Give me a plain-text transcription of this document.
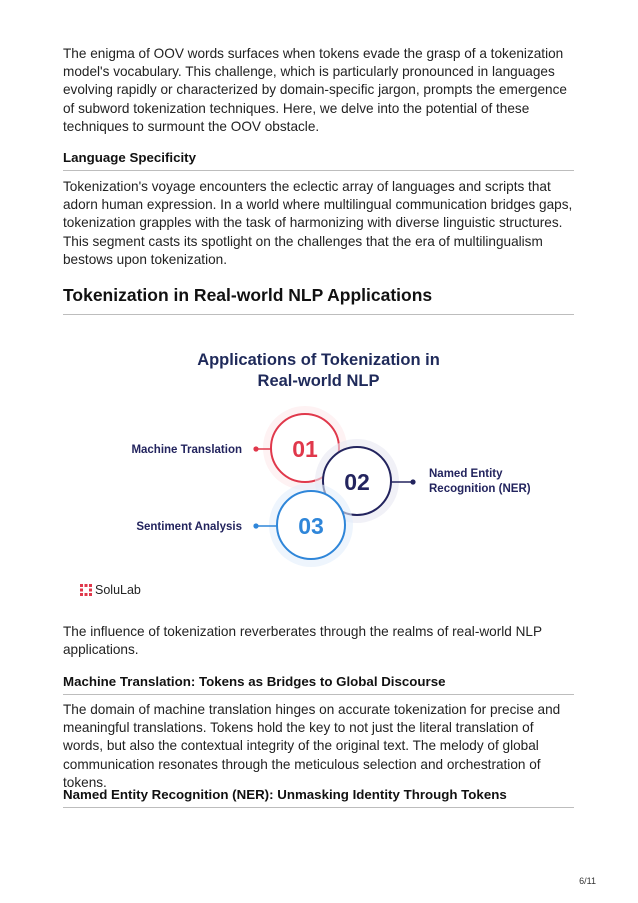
The enigma of OOV words surfaces when tokens evade the grasp of a tokenization model's vocabulary. This challenge, which is particularly pronounced in languages evolving rapidly or characterized by domain-specific jargon, prompts the emergence of subword tokenization techniques. Here, we delve into the potential of these techniques to surmount the OOV obstacle.

Language Specificity

Tokenization's voyage encounters the eclectic array of languages and scripts that adorn human expression. In a world where multilingual communication bridges gaps, tokenization grapples with the task of harmonizing with diverse linguistic structures. This segment casts its spotlight on the challenges that the era of multilingualism bestows upon tokenization.

Tokenization in Real-world NLP Applications

The influence of tokenization reverberates through the realms of real-world NLP applications.

Machine Translation: Tokens as Bridges to Global Discourse

The domain of machine translation hinges on accurate tokenization for precise and meaningful translations. Tokens hold the key to not just the literal translation of words, but also the contextual integrity of the original text. The melody of global communication resonates through the meticulous selection and orchestration of tokens.

Named Entity Recognition (NER): Unmasking Identity Through Tokens
Applications of Tokenization in
Real-world NLP
01
02
03
Machine Translation
Named Entity
Recognition (NER)
Sentiment Analysis
SoluLab
6/11
